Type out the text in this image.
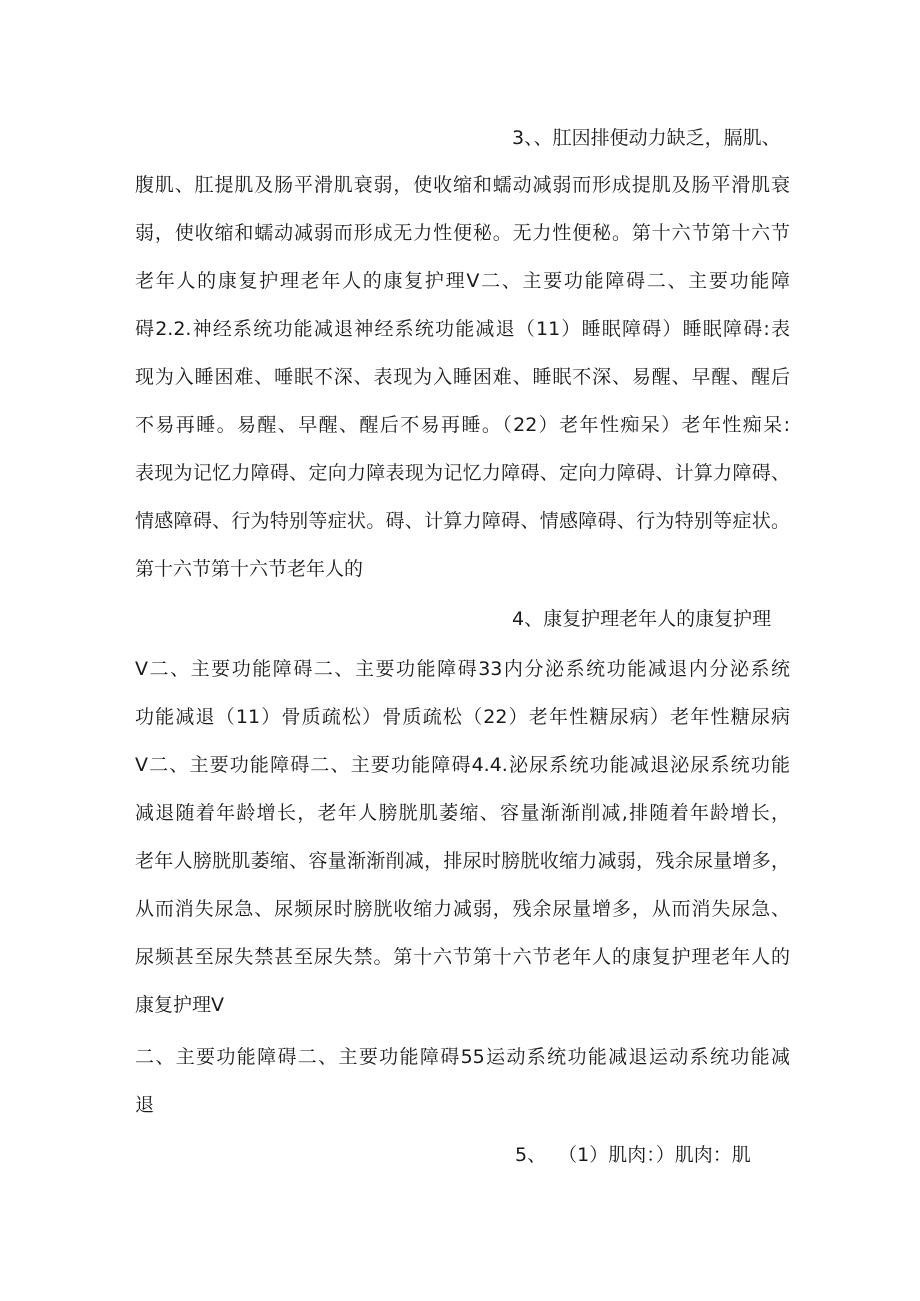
3、、肛因排便动力缺乏，膈肌、
腹肌、肛提肌及肠平滑肌衰弱，使收缩和蠕动减弱而形成提肌及肠平滑肌衰
弱，使收缩和蠕动减弱而形成无力性便秘。无力性便秘。第十六节第十六节
老年人的康复护理老年人的康复护理Ⅴ二、主要功能障碍二、主要功能障
碍2.2.神经系统功能减退神经系统功能减退（11）睡眠障碍）睡眠障碍:表
现为入睡困难、唾眠不深、表现为入睡困难、睡眠不深、易醒、早醒、醒后
不易再睡。易醒、早醒、醒后不易再睡。（22）老年性痴呆）老年性痴呆:
表现为记忆力障碍、定向力障表现为记忆力障碍、定向力障碍、计算力障碍、
情感障碍、行为特别等症状。碍、计算力障碍、情感障碍、行为特别等症状。
第十六节第十六节老年人的
4、康复护理老年人的康复护理
Ⅴ二、主要功能障碍二、主要功能障碍33内分泌系统功能减退内分泌系统
功能减退（11）骨质疏松）骨质疏松（22）老年性糖尿病）老年性糖尿病
Ⅴ二、主要功能障碍二、主要功能障碍4.4.泌尿系统功能减退泌尿系统功能
减退随着年龄增长，老年人膀胱肌萎缩、容量渐渐削减,排随着年龄增长，
老年人膀胱肌萎缩、容量渐渐削减，排尿时膀胱收缩力减弱，残余尿量增多，
从而消失尿急、尿频尿时膀胱收缩力减弱，残余尿量增多，从而消失尿急、
尿频甚至尿失禁甚至尿失禁。第十六节第十六节老年人的康复护理老年人的
康复护理Ⅴ
二、主要功能障碍二、主要功能障碍55运动系统功能减退运动系统功能减
退
5、  （1）肌肉：）肌肉：肌
